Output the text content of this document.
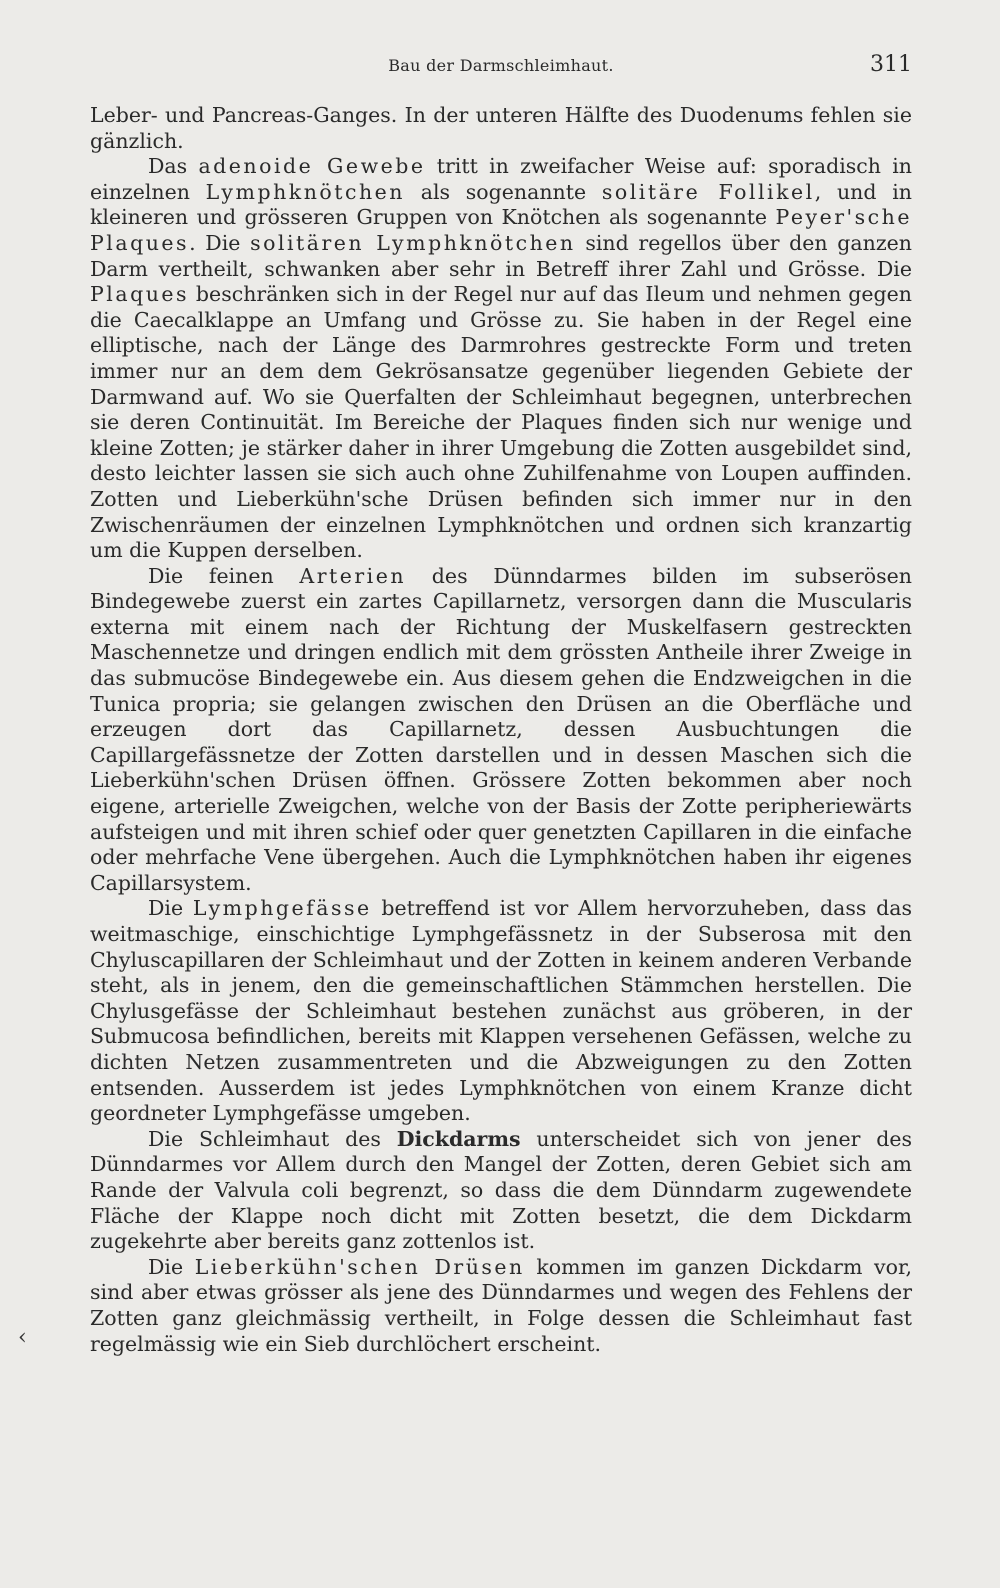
Bau der Darmschleimhaut.	311

Leber- und Pancreas-Ganges. In der unteren Hälfte des Duodenums fehlen sie gänzlich.

Das adenoide Gewebe tritt in zweifacher Weise auf: sporadisch in einzelnen Lymphknötchen als sogenannte solitäre Follikel, und in kleineren und grösseren Gruppen von Knötchen als sogenannte Peyer'sche Plaques. Die solitären Lymphknötchen sind regellos über den ganzen Darm vertheilt, schwanken aber sehr in Betreff ihrer Zahl und Grösse. Die Plaques beschränken sich in der Regel nur auf das Ileum und nehmen gegen die Caecalklappe an Umfang und Grösse zu. Sie haben in der Regel eine elliptische, nach der Länge des Darmrohres gestreckte Form und treten immer nur an dem dem Gekrösansatze gegenüber liegenden Gebiete der Darmwand auf. Wo sie Querfalten der Schleimhaut begegnen, unterbrechen sie deren Continuität. Im Bereiche der Plaques finden sich nur wenige und kleine Zotten; je stärker daher in ihrer Umgebung die Zotten ausgebildet sind, desto leichter lassen sie sich auch ohne Zuhilfenahme von Loupen auffinden. Zotten und Lieberkühn'sche Drüsen befinden sich immer nur in den Zwischenräumen der einzelnen Lymphknötchen und ordnen sich kranzartig um die Kuppen derselben.

Die feinen Arterien des Dünndarmes bilden im subserösen Bindegewebe zuerst ein zartes Capillarnetz, versorgen dann die Muscularis externa mit einem nach der Richtung der Muskelfasern gestreckten Maschennetze und dringen endlich mit dem grössten Antheile ihrer Zweige in das submucöse Bindegewebe ein. Aus diesem gehen die Endzweigchen in die Tunica propria; sie gelangen zwischen den Drüsen an die Oberfläche und erzeugen dort das Capillarnetz, dessen Ausbuchtungen die Capillargefässnetze der Zotten darstellen und in dessen Maschen sich die Lieberkühn'schen Drüsen öffnen. Grössere Zotten bekommen aber noch eigene, arterielle Zweigchen, welche von der Basis der Zotte peripheriewärts aufsteigen und mit ihren schief oder quer genetzten Capillaren in die einfache oder mehrfache Vene übergehen. Auch die Lymphknötchen haben ihr eigenes Capillarsystem.

Die Lymphgefässe betreffend ist vor Allem hervorzuheben, dass das weitmaschige, einschichtige Lymphgefässnetz in der Subserosa mit den Chyluscapillaren der Schleimhaut und der Zotten in keinem anderen Verbande steht, als in jenem, den die gemeinschaftlichen Stämmchen herstellen. Die Chylusgefässe der Schleimhaut bestehen zunächst aus gröberen, in der Submucosa befindlichen, bereits mit Klappen versehenen Gefässen, welche zu dichten Netzen zusammentreten und die Abzweigungen zu den Zotten entsenden. Ausserdem ist jedes Lymphknötchen von einem Kranze dicht geordneter Lymphgefässe umgeben.

Die Schleimhaut des Dickdarms unterscheidet sich von jener des Dünndarmes vor Allem durch den Mangel der Zotten, deren Gebiet sich am Rande der Valvula coli begrenzt, so dass die dem Dünndarm zugewendete Fläche der Klappe noch dicht mit Zotten besetzt, die dem Dickdarm zugekehrte aber bereits ganz zottenlos ist.

Die Lieberkühn'schen Drüsen kommen im ganzen Dickdarm vor, sind aber etwas grösser als jene des Dünndarmes und wegen des Fehlens der Zotten ganz gleichmässig vertheilt, in Folge dessen die Schleimhaut fast regelmässig wie ein Sieb durchlöchert erscheint.

‹
